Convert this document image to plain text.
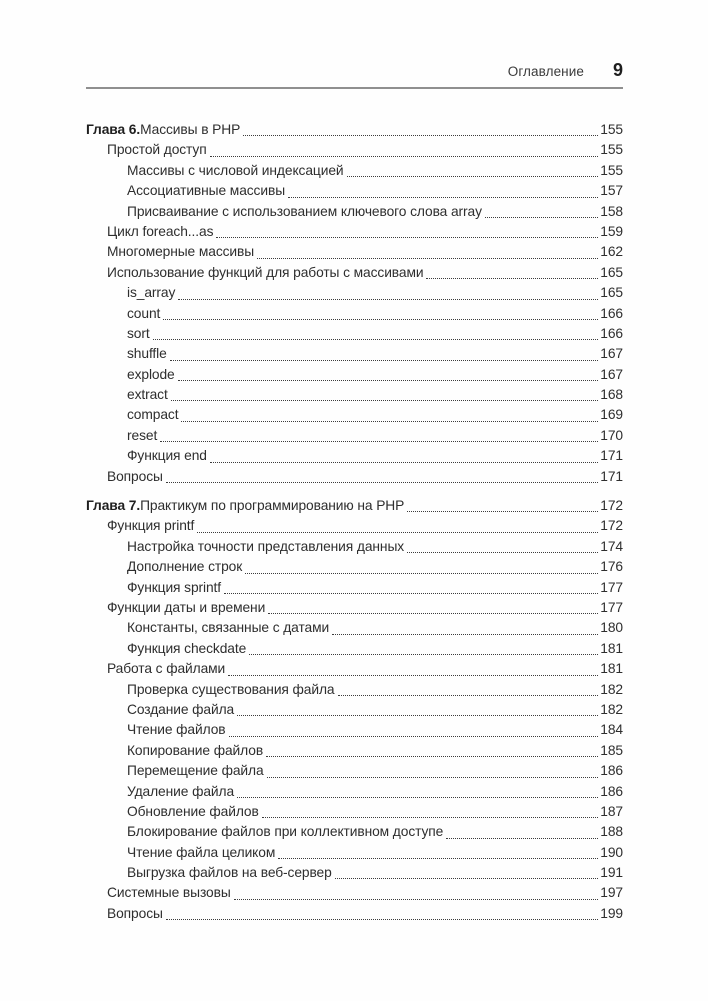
Оглавление 9
Глава 6. Массивы в PHP	155
Простой доступ	155
Массивы с числовой индексацией	155
Ассоциативные массивы	157
Присваивание с использованием ключевого слова array	158
Цикл foreach...as	159
Многомерные массивы	162
Использование функций для работы с массивами	165
is_array	165
count	166
sort	166
shuffle	167
explode	167
extract	168
compact	169
reset	170
Функция end	171
Вопросы	171
Глава 7. Практикум по программированию на PHP	172
Функция printf	172
Настройка точности представления данных	174
Дополнение строк	176
Функция sprintf	177
Функции даты и времени	177
Константы, связанные с датами	180
Функция checkdate	181
Работа с файлами	181
Проверка существования файла	182
Создание файла	182
Чтение файлов	184
Копирование файлов	185
Перемещение файла	186
Удаление файла	186
Обновление файлов	187
Блокирование файлов при коллективном доступе	188
Чтение файла целиком	190
Выгрузка файлов на веб-сервер	191
Системные вызовы	197
Вопросы	199
